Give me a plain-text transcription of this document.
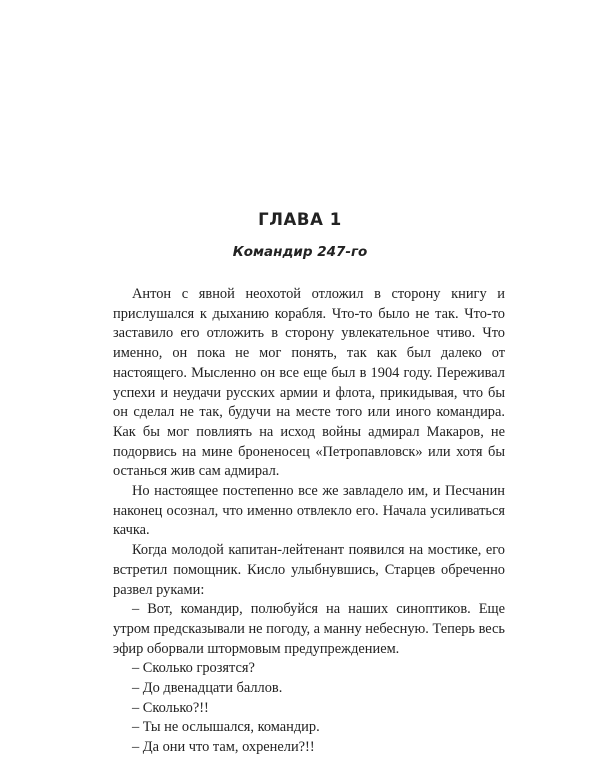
ГЛАВА 1
Командир 247-го

Антон с явной неохотой отложил в сторону книгу и прислушался к дыханию корабля. Что-то было не так. Что-то заставило его отложить в сторону увлекательное чтиво. Что именно, он пока не мог понять, так как был далеко от настоящего. Мысленно он все еще был в 1904 году. Переживал успехи и неудачи русских армии и флота, прикидывая, что бы он сделал не так, будучи на месте того или иного командира. Как бы мог повлиять на исход войны адмирал Макаров, не подорвись на мине броненосец «Петропавловск» или хотя бы останься жив сам адмирал.

Но настоящее постепенно все же завладело им, и Песчанин наконец осознал, что именно отвлекло его. Начала усиливаться качка.

Когда молодой капитан-лейтенант появился на мостике, его встретил помощник. Кисло улыбнувшись, Старцев обреченно развел руками:

– Вот, командир, полюбуйся на наших синоптиков. Еще утром предсказывали не погоду, а манну небесную. Теперь весь эфир оборвали штормовым предупреждением.

– Сколько грозятся?

– До двенадцати баллов.

– Сколько?!!

– Ты не ослышался, командир.

– Да они что там, охренели?!!
